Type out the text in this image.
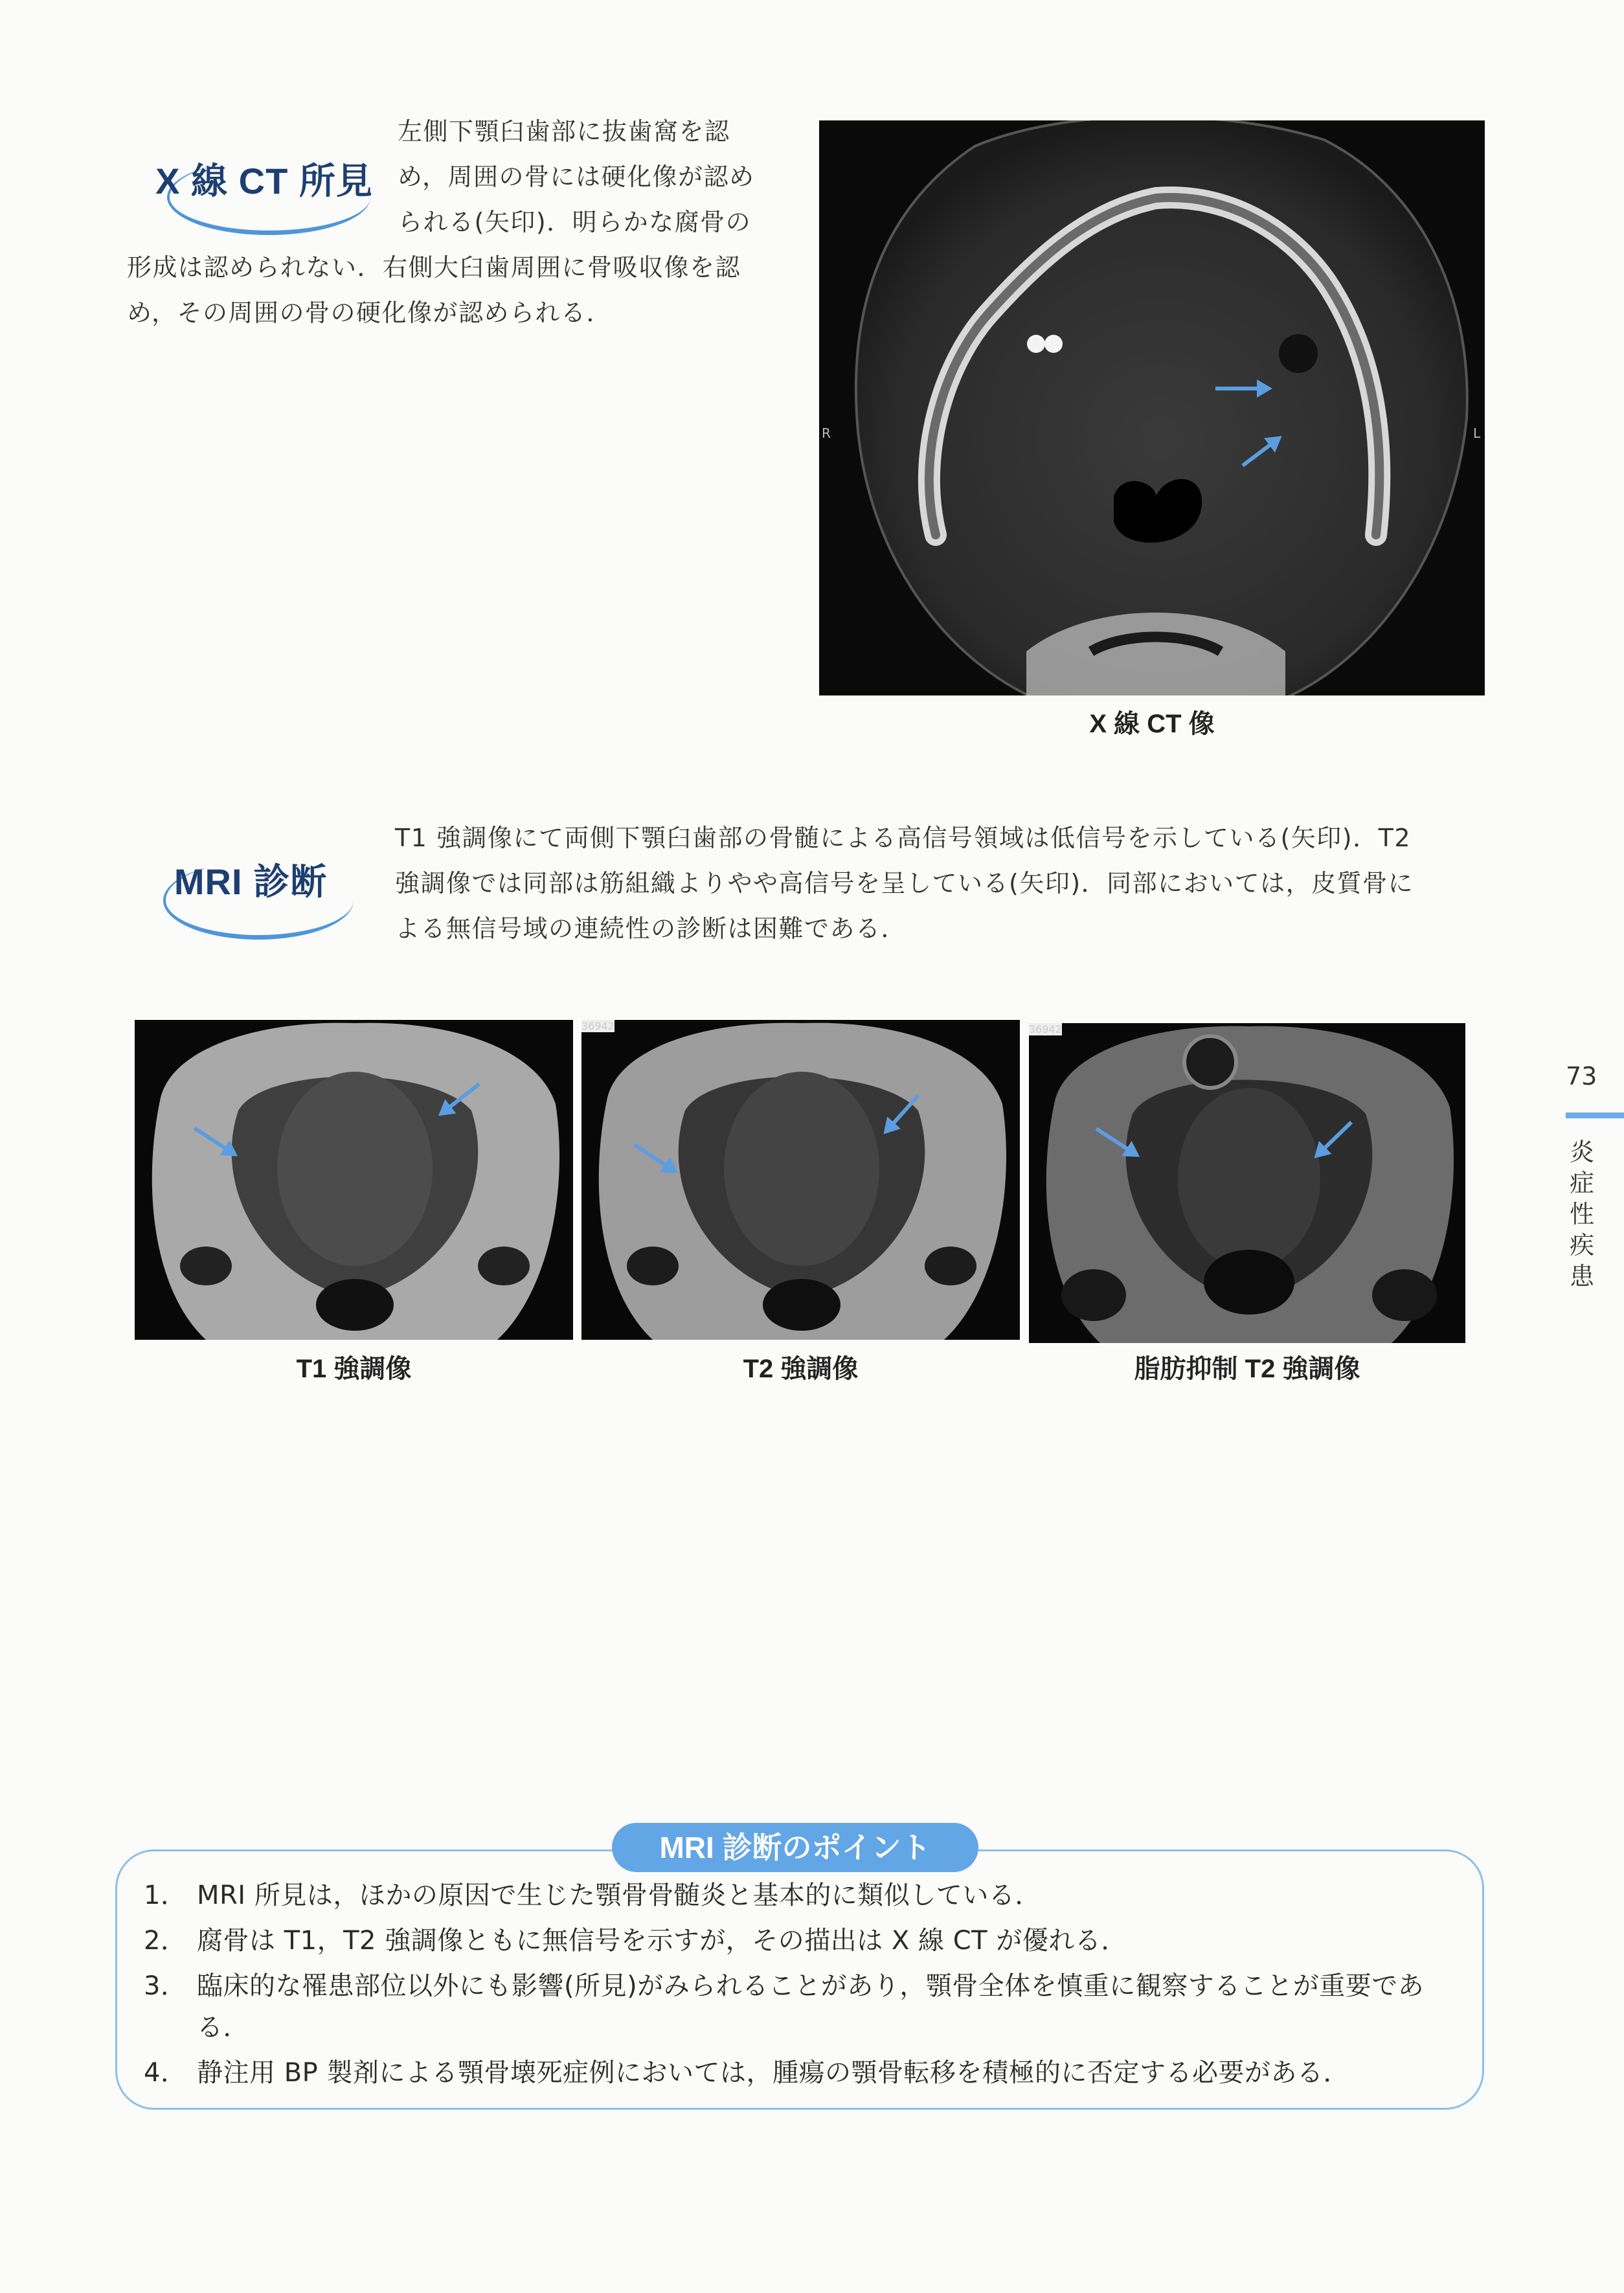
X 線 CT 所見
左側下顎臼歯部に抜歯窩を認
め，周囲の骨には硬化像が認め
られる(矢印)．明らかな腐骨の
形成は認められない．右側大臼歯周囲に骨吸収像を認
め，その周囲の骨の硬化像が認められる．
R	L
X 線 CT 像
MRI 診断
T1 強調像にて両側下顎臼歯部の骨髄による高信号領域は低信号を示している(矢印)．T2
強調像では同部は筋組織よりやや高信号を呈している(矢印)．同部においては，皮質骨に
よる無信号域の連続性の診断は困難である．
36942	36942
T1 強調像	T2 強調像	脂肪抑制 T2 強調像
73
炎
症
性
疾
患
MRI 診断のポイント
1． MRI 所見は，ほかの原因で生じた顎骨骨髄炎と基本的に類似している．
2． 腐骨は T1，T2 強調像ともに無信号を示すが，その描出は X 線 CT が優れる．
3． 臨床的な罹患部位以外にも影響(所見)がみられることがあり，顎骨全体を慎重に観察することが重要である．
4． 静注用 BP 製剤による顎骨壊死症例においては，腫瘍の顎骨転移を積極的に否定する必要がある．
